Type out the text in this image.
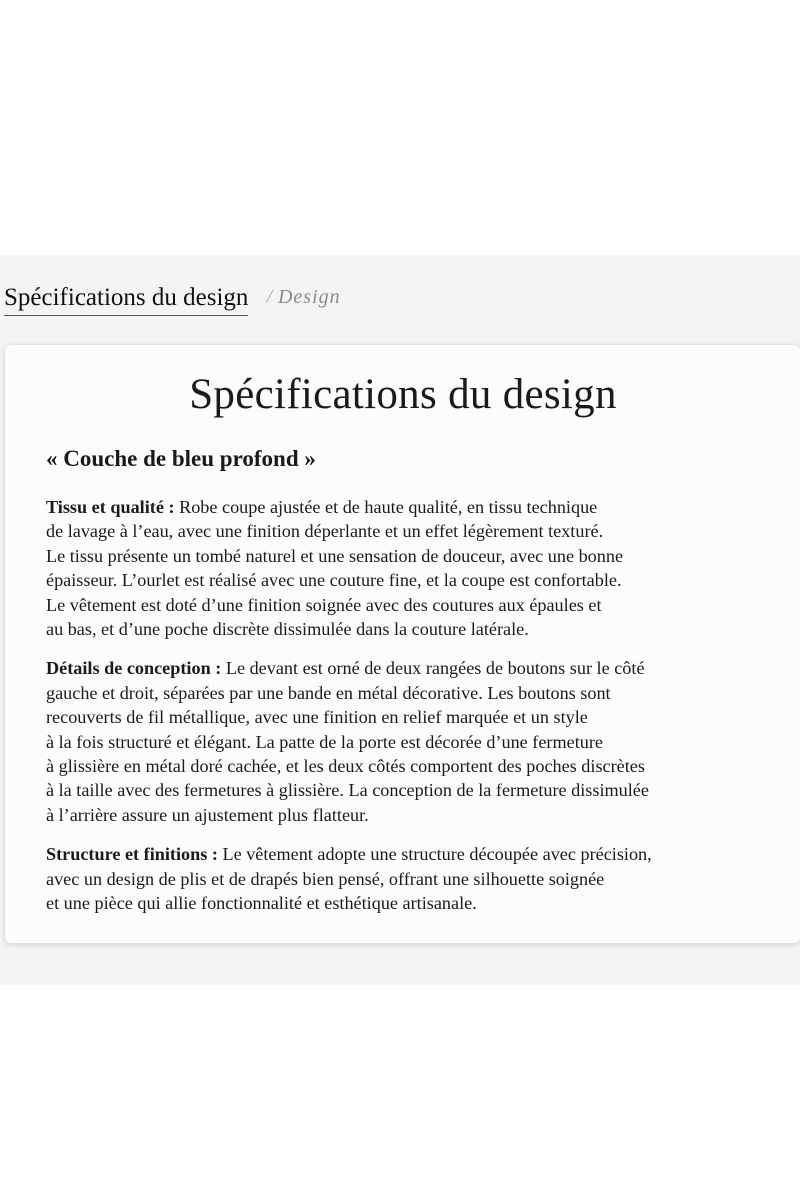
Spécifications du design / Design
Spécifications du design
« Couche de bleu profond »

Tissu et qualité : Robe coupe ajustée et de haute qualité, en tissu technique
de lavage à l’eau, avec une finition déperlante et un effet légèrement texturé.
Le tissu présente un tombé naturel et une sensation de douceur, avec une bonne
épaisseur. L’ourlet est réalisé avec une couture fine, et la coupe est confortable.
Le vêtement est doté d’une finition soignée avec des coutures aux épaules et
au bas, et d’une poche discrète dissimulée dans la couture latérale.

Détails de conception : Le devant est orné de deux rangées de boutons sur le côté
gauche et droit, séparées par une bande en métal décorative. Les boutons sont
recouverts de fil métallique, avec une finition en relief marquée et un style
à la fois structuré et élégant. La patte de la porte est décorée d’une fermeture
à glissière en métal doré cachée, et les deux côtés comportent des poches discrètes
à la taille avec des fermetures à glissière. La conception de la fermeture dissimulée
à l’arrière assure un ajustement plus flatteur.

Structure et finitions : Le vêtement adopte une structure découpée avec précision,
avec un design de plis et de drapés bien pensé, offrant une silhouette soignée
et une pièce qui allie fonctionnalité et esthétique artisanale.
